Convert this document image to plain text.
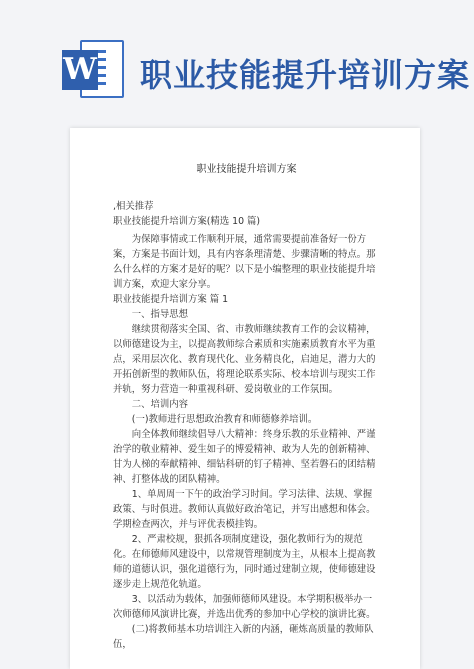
W 职业技能提升培训方案
职业技能提升培训方案

,相关推荐

职业技能提升培训方案(精选 10 篇)

为保障事情或工作顺利开展，通常需要提前准备好一份方案，方案是书面计划，具有内容条理清楚、步骤清晰的特点。那么什么样的方案才是好的呢？以下是小编整理的职业技能提升培训方案，欢迎大家分享。

职业技能提升培训方案 篇 1

一、指导思想

继续贯彻落实全国、省、市教师继续教育工作的会议精神，以师德建设为主，以提高教师综合素质和实施素质教育水平为重点，采用层次化、教育现代化、业务精良化，启迪足，潜力大的开拓创新型的教师队伍，将理论联系实际、校本培训与现实工作并轨，努力营造一种重视科研、爱岗敬业的工作氛围。

二、培训内容

(一)教师进行思想政治教育和师德修养培训。

向全体教师继续倡导八大精神：终身乐教的乐业精神、严谨治学的敬业精神、爱生如子的博爱精神、敢为人先的创新精神、甘为人梯的奉献精神、细钻科研的钉子精神、坚若磐石的团结精神、打整体战的团队精神。

1、单周周一下午的政治学习时间。学习法律、法规、掌握政策、与时俱进。教师认真做好政治笔记，并写出感想和体会。学期检查两次，并与评优表模挂钩。

2、严肃校规，狠抓各项制度建设，强化教师行为的规范化。在师德师风建设中，以常规管理制度为主，从根本上提高教师的道德认识，强化道德行为，同时通过建制立规，使师德建设逐步走上规范化轨道。

3、以活动为载体，加强师德师风建设。本学期积极举办一次师德师风演讲比赛，并选出优秀的参加中心学校的演讲比赛。

(二)将教师基本功培训注入新的内涵，砸炼高质量的教师队伍，
